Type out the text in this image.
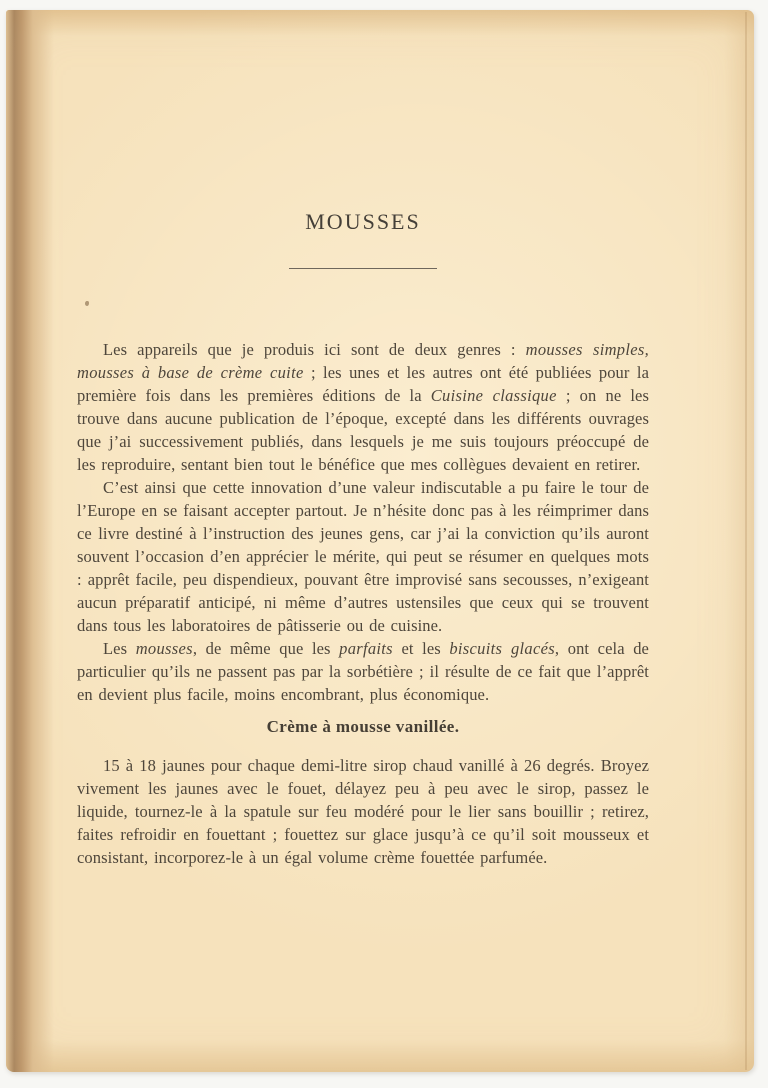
MOUSSES

Les appareils que je produis ici sont de deux genres : mousses simples, mousses à base de crème cuite ; les unes et les autres ont été publiées pour la première fois dans les premières éditions de la Cuisine classique ; on ne les trouve dans aucune publication de l’époque, excepté dans les différents ouvrages que j’ai successivement publiés, dans lesquels je me suis toujours préoccupé de les reproduire, sentant bien tout le bénéfice que mes collègues devaient en retirer.

C’est ainsi que cette innovation d’une valeur indiscutable a pu faire le tour de l’Europe en se faisant accepter partout. Je n’hésite donc pas à les réimprimer dans ce livre destiné à l’instruction des jeunes gens, car j’ai la conviction qu’ils auront souvent l’occasion d’en apprécier le mérite, qui peut se résumer en quelques mots : apprêt facile, peu dispendieux, pouvant être improvisé sans secousses, n’exigeant aucun préparatif anticipé, ni même d’autres ustensiles que ceux qui se trouvent dans tous les laboratoires de pâtisserie ou de cuisine.

Les mousses, de même que les parfaits et les biscuits glacés, ont cela de particulier qu’ils ne passent pas par la sorbétière ; il résulte de ce fait que l’apprêt en devient plus facile, moins encombrant, plus économique.

Crème à mousse vanillée.

15 à 18 jaunes pour chaque demi-litre sirop chaud vanillé à 26 degrés. Broyez vivement les jaunes avec le fouet, délayez peu à peu avec le sirop, passez le liquide, tournez-le à la spatule sur feu modéré pour le lier sans bouillir ; retirez, faites refroidir en fouettant ; fouettez sur glace jusqu’à ce qu’il soit mousseux et consistant, incorporez-le à un égal volume crème fouettée parfumée.
